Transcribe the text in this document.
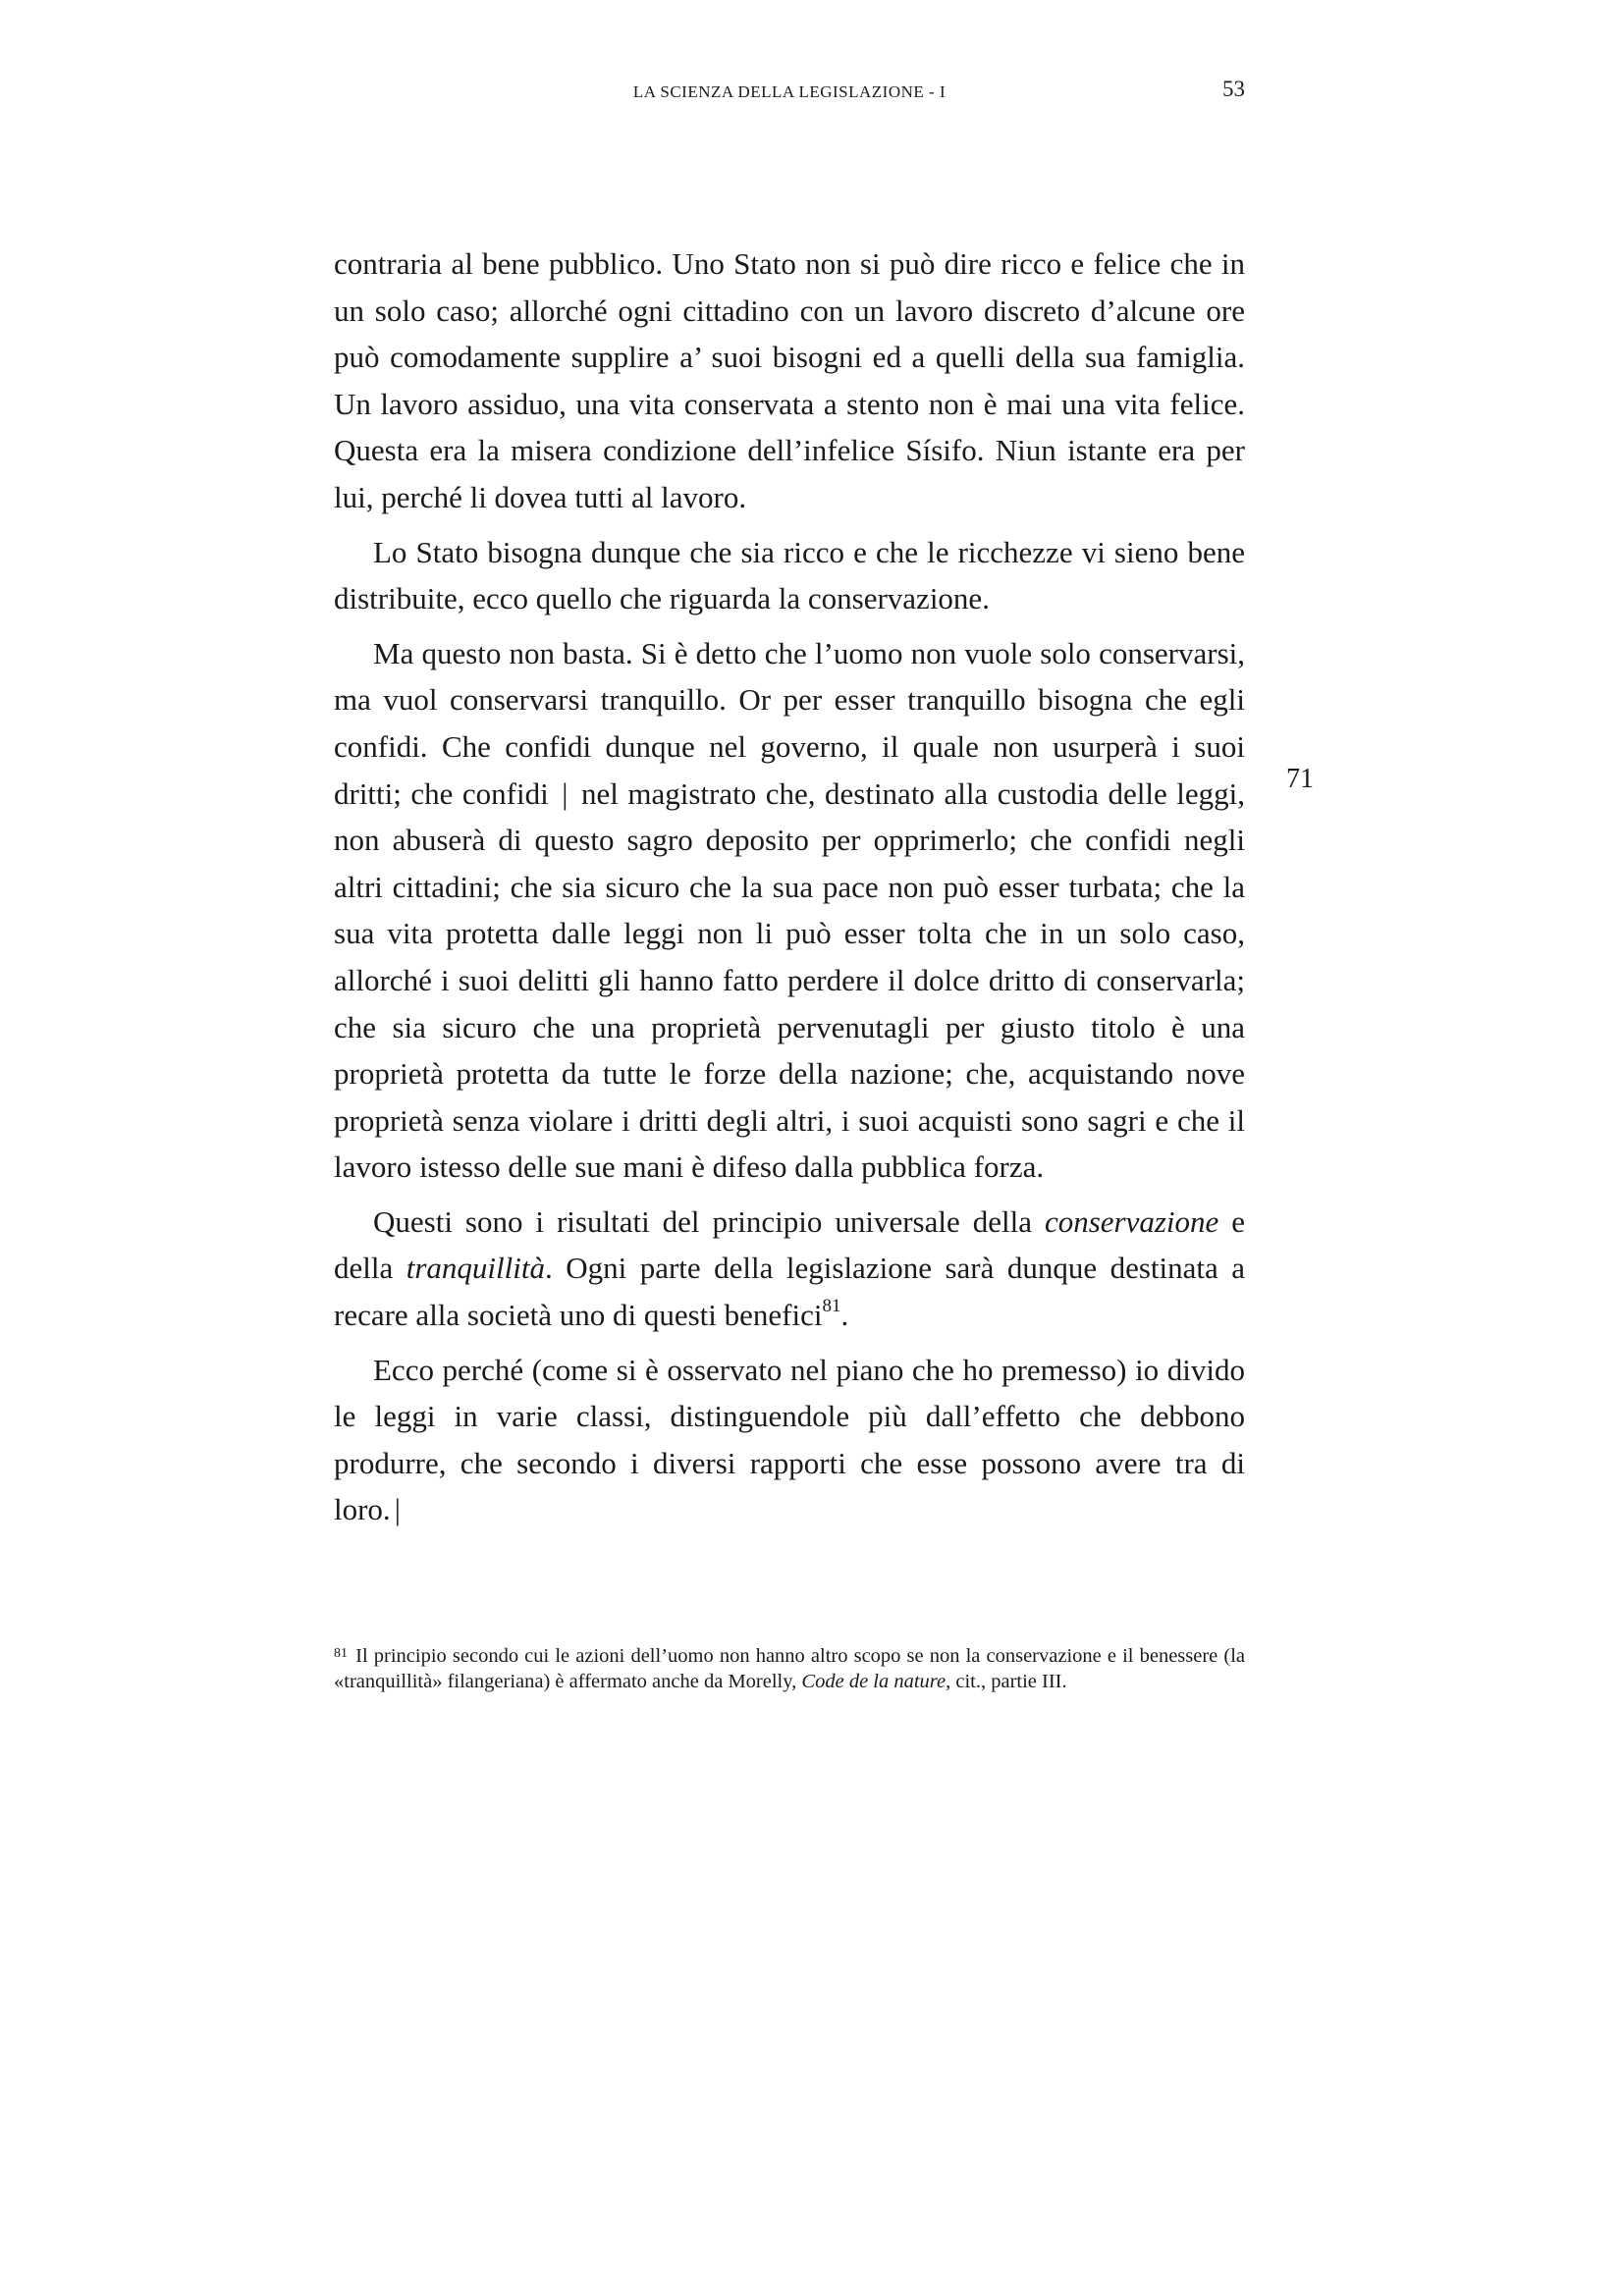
LA SCIENZA DELLA LEGISLAZIONE - I	53
71

contraria al bene pubblico. Uno Stato non si può dire ricco e felice che in un solo caso; allorché ogni cittadino con un lavoro discreto d’alcune ore può comodamente supplire a’ suoi bisogni ed a quelli della sua famiglia. Un lavoro assiduo, una vita conservata a stento non è mai una vita felice. Questa era la misera condizione dell’infelice Sísifo. Niun istante era per lui, perché li dovea tutti al lavoro.

Lo Stato bisogna dunque che sia ricco e che le ricchezze vi sieno bene distribuite, ecco quello che riguarda la conservazione.

Ma questo non basta. Si è detto che l’uomo non vuole solo conservarsi, ma vuol conservarsi tranquillo. Or per esser tranquillo bisogna che egli confidi. Che confidi dunque nel governo, il quale non usurperà i suoi dritti; che confidi | nel magistrato che, destinato alla custodia delle leggi, non abuserà di questo sagro deposito per opprimerlo; che confidi negli altri cittadini; che sia sicuro che la sua pace non può esser turbata; che la sua vita protetta dalle leggi non li può esser tolta che in un solo caso, allorché i suoi delitti gli hanno fatto perdere il dolce dritto di conservarla; che sia sicuro che una proprietà pervenutagli per giusto titolo è una proprietà protetta da tutte le forze della nazione; che, acquistando nove proprietà senza violare i dritti degli altri, i suoi acquisti sono sagri e che il lavoro istesso delle sue mani è difeso dalla pubblica forza.

Questi sono i risultati del principio universale della conservazione e della tranquillità. Ogni parte della legislazione sarà dunque destinata a recare alla società uno di questi benefici$^{81}$.

Ecco perché (come si è osservato nel piano che ho premesso) io divido le leggi in varie classi, distinguendole più dall’effetto che debbono produrre, che secondo i diversi rapporti che esse possono avere tra di loro. |

$^{81}$ Il principio secondo cui le azioni dell’uomo non hanno altro scopo se non la conservazione e il benessere (la «tranquillità» filangeriana) è affermato anche da Morelly, Code de la nature, cit., partie III.
